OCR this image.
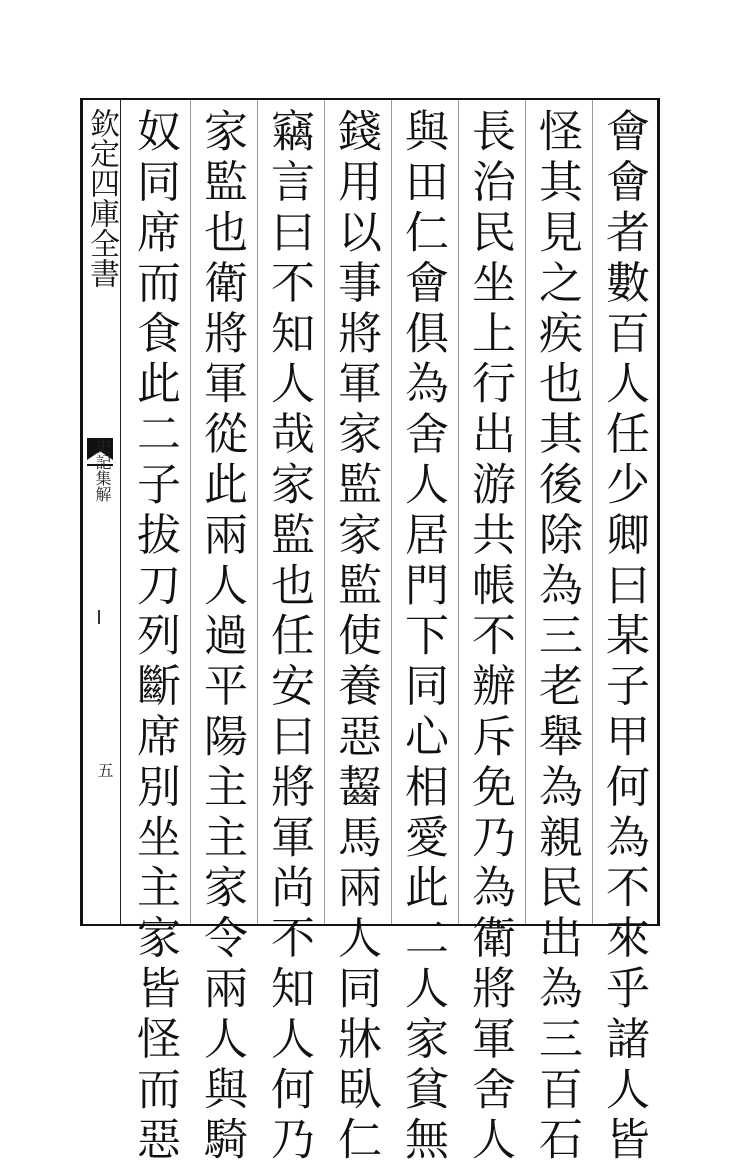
欽定四庫全書
史記集解
五	會會者數百人任少卿曰某子甲何為不來乎諸人皆
怪其見之疾也其後除為三老舉為親民出為三百石
長治民坐上行出游共帳不辦斥免乃為衛將軍舍人
與田仁會俱為舍人居門下同心相愛此二人家貧無
錢用以事將軍家監家監使養惡齧馬兩人同牀臥仁
竊言曰不知人哉家監也任安曰將軍尚不知人何乃
家監也衛將軍從此兩人過平陽主主家令兩人與騎
奴同席而食此二子拔刀列斷席別坐主家皆怪而惡
